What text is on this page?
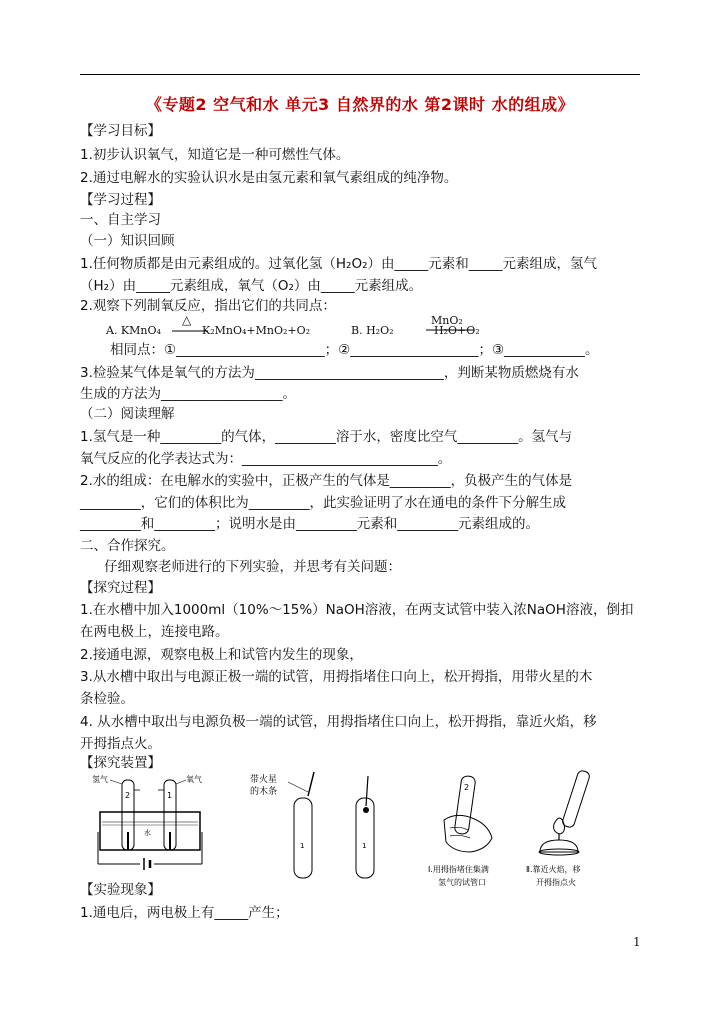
《专题2 空气和水 单元3 自然界的水 第2课时 水的组成》
【学习目标】
1.初步认识氧气，知道它是一种可燃性气体。
2.通过电解水的实验认识水是由氢元素和氧气素组成的纯净物。
【学习过程】
一、自主学习
（一）知识回顾
1.任何物质都是由元素组成的。过氧化氢（H₂O₂）由_____元素和_____元素组成，氢气
（H₂）由_____元素组成，氧气（O₂）由_____元素组成。
2.观察下列制氧反应，指出它们的共同点：
A. KMnO₄
△
K₂MnO₄+MnO₂+O₂	B. H₂O₂
MnO₂
H₂O+O₂
相同点：①______________________；②___________________；③____________。
3.检验某气体是氧气的方法为____________________________，判断某物质燃烧有水
生成的方法为__________________。
（二）阅读理解
1.氢气是一种_________的气体，_________溶于水，密度比空气_________。氢气与
氧气反应的化学表达式为：_____________________________。
2.水的组成：在电解水的实验中，正极产生的气体是_________，负极产生的气体是
_________，它们的体积比为_________，此实验证明了水在通电的条件下分解生成
_________和_________；说明水是由_________元素和_________元素组成的。
二、合作探究。
仔细观察老师进行的下列实验，并思考有关问题：
【探究过程】
1.在水槽中加入1000ml（10%～15%）NaOH溶液，在两支试管中装入浓NaOH溶液，倒扣
在两电极上，连接电路。
2.接通电源，观察电极上和试管内发生的现象，
3.从水槽中取出与电源正极一端的试管，用拇指堵住口向上，松开拇指，用带火星的木
条检验。
4. 从水槽中取出与电源负极一端的试管，用拇指堵住口向上，松开拇指，靠近火焰，移
开拇指点火。
【探究装置】
氢气	氧气
2	1
水
带火星
的木条
1	1
2
Ⅰ.用拇指堵住集满
氢气的试管口
Ⅱ.靠近火焰，移
开拇指点火
【实验现象】
1.通电后，两电极上有_____产生；
1
